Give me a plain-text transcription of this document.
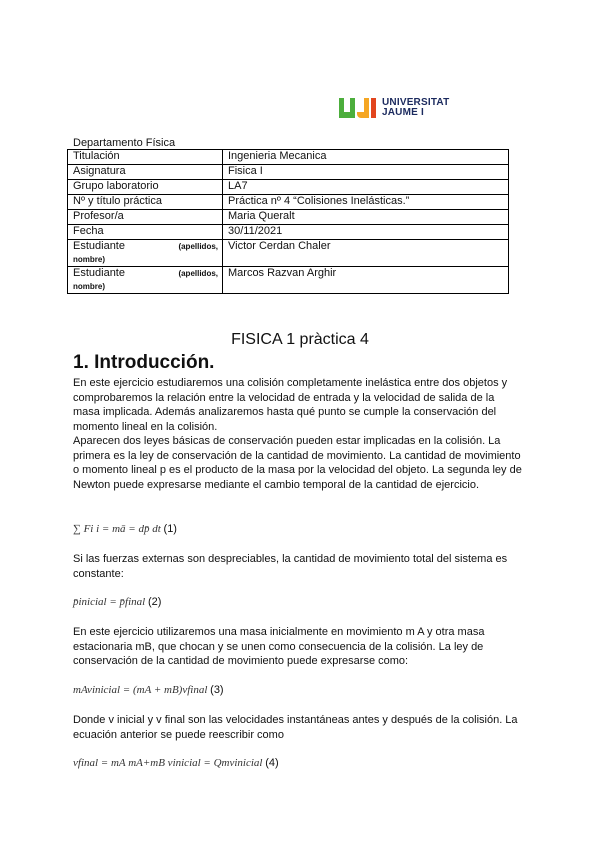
UNIVERSITAT
JAUME I
Departamento Física
Titulación	Ingenieria Mecanica
Asignatura	Fisica I
Grupo laboratorio	LA7
Nº y título práctica	Práctica nº 4 “Colisiones Inelásticas.”
Profesor/a	Maria Queralt
Fecha	30/11/2021

Estudiante (apellidos,
nombre)	Victor Cerdan Chaler

Estudiante (apellidos,
nombre)	Marcos Razvan Arghir
FISICA 1 pràctica 4
1. Introducción.

En este ejercicio estudiaremos una colisión completamente inelástica entre dos objetos y comprobaremos la relación entre la velocidad de entrada y la velocidad de salida de la masa implicada. Además analizaremos hasta qué punto se cumple la conservación del momento lineal en la colisión.

Aparecen dos leyes básicas de conservación pueden estar implicadas en la colisión. La primera es la ley de conservación de la cantidad de movimiento. La cantidad de movimiento o momento lineal p es el producto de la masa por la velocidad del objeto. La segunda ley de Newton puede expresarse mediante el cambio temporal de la cantidad de ejercicio.

∑ Fi i = mā = dp̄ dt (1)

Si las fuerzas externas son despreciables, la cantidad de movimiento total del sistema es constante:

p̄inicial = p̄final (2)

En este ejercicio utilizaremos una masa inicialmente en movimiento m A y otra masa estacionaria mB, que chocan y se unen como consecuencia de la colisión. La ley de conservación de la cantidad de movimiento puede expresarse como:

mAvinicial = (mA + mB)vfinal (3)

Donde v inicial y v final son las velocidades instantáneas antes y después de la colisión. La ecuación anterior se puede reescribir como

vfinal = mA mA+mB vinicial = Qmvinicial (4)
